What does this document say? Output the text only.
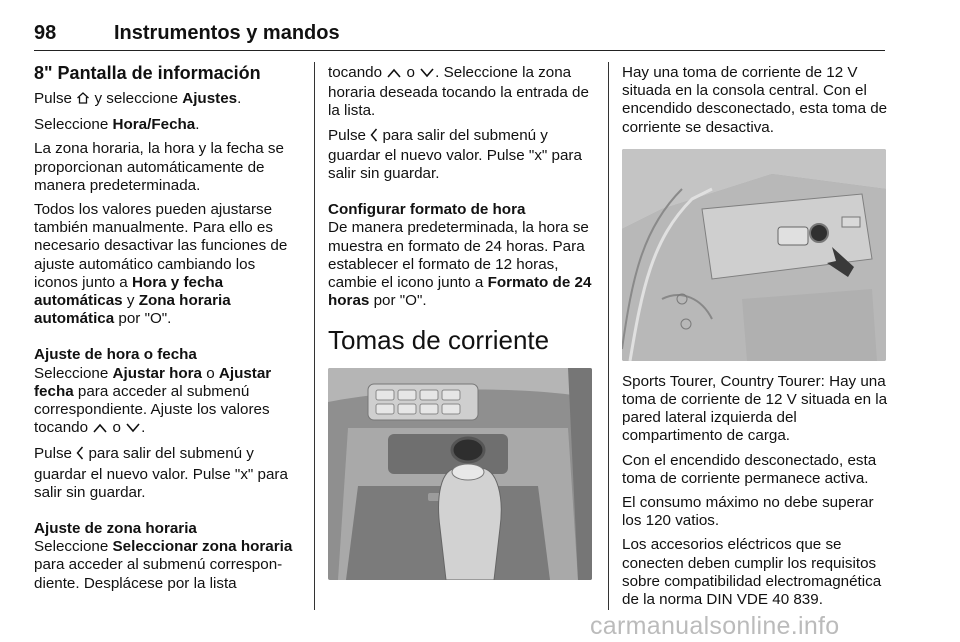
98	Instrumentos y mandos
8" Pantalla de información

Pulse  y seleccione Ajustes.

Seleccione Hora/Fecha.

La zona horaria, la hora y la fecha se proporcionan automáticamente de manera predeterminada.

Todos los valores pueden ajustarse también manualmente. Para ello es necesario desactivar las funciones de ajuste automático cambiando los iconos junto a Hora y fecha automáticas y Zona horaria automática por "O".

Ajuste de hora o fecha

Seleccione Ajustar hora o Ajustar fecha para acceder al submenú correspondiente. Ajuste los valores tocando  o .

Pulse  para salir del submenú y guardar el nuevo valor. Pulse "x" para salir sin guardar.

Ajuste de zona horaria

Seleccione Seleccionar zona horaria para acceder al submenú correspondiente. Desplácese por la lista

tocando  o . Seleccione la zona horaria deseada tocando la entrada de la lista.

Pulse  para salir del submenú y guardar el nuevo valor. Pulse "x" para salir sin guardar.

Configurar formato de hora

De manera predeterminada, la hora se muestra en formato de 24 horas. Para establecer el formato de 12 horas, cambie el icono junto a Formato de 24 horas por "O".

Tomas de corriente

Hay una toma de corriente de 12 V situada en la consola central. Con el encendido desconectado, esta toma de corriente se desactiva.

Sports Tourer, Country Tourer: Hay una toma de corriente de 12 V situada en la pared lateral izquierda del compartimento de carga.

Con el encendido desconectado, esta toma de corriente permanece activa.

El consumo máximo no debe superar los 120 vatios.

Los accesorios eléctricos que se conecten deben cumplir los requisitos sobre compatibilidad electromagnética de la norma DIN VDE 40 839.

carmanualsonline.info
